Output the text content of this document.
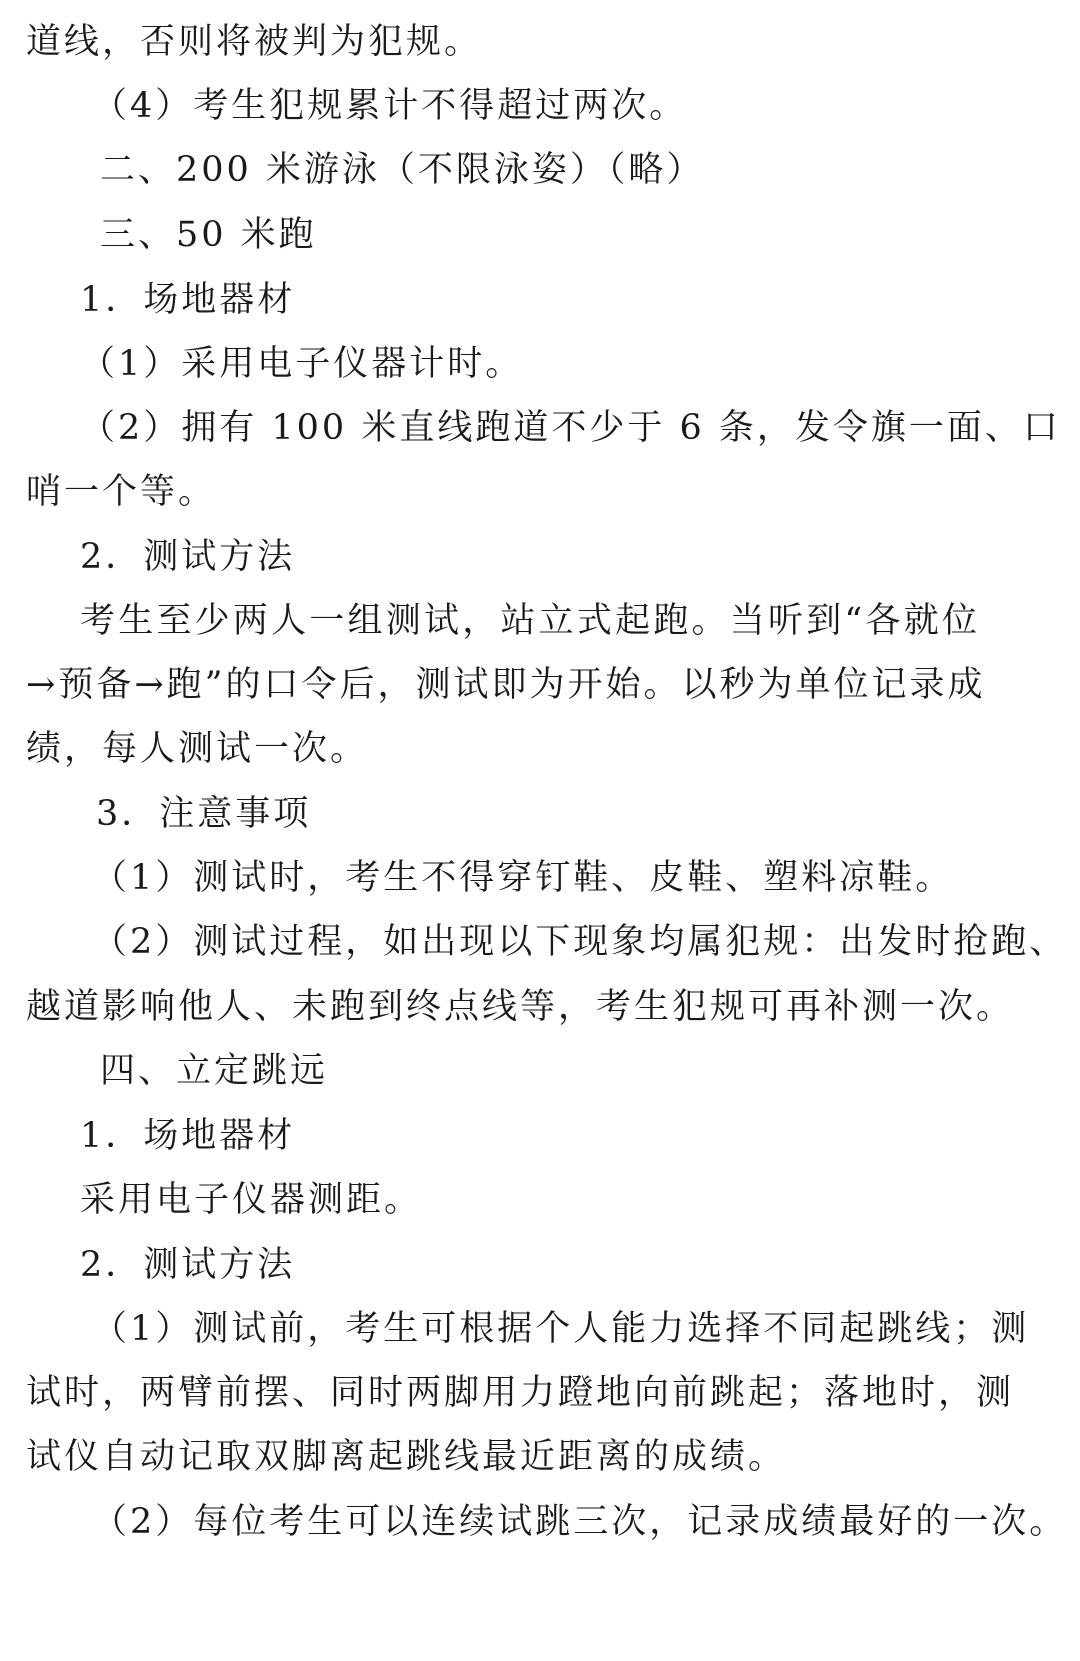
道线，否则将被判为犯规。
（4）考生犯规累计不得超过两次。
二、200 米游泳（不限泳姿）（略）
三、50 米跑
1．场地器材
（1）采用电子仪器计时。
（2）拥有 100 米直线跑道不少于 6 条，发令旗一面、口
哨一个等。
2．测试方法
考生至少两人一组测试，站立式起跑。当听到“各就位
→预备→跑”的口令后，测试即为开始。以秒为单位记录成
绩，每人测试一次。
3．注意事项
（1）测试时，考生不得穿钉鞋、皮鞋、塑料凉鞋。
（2）测试过程，如出现以下现象均属犯规：出发时抢跑、
越道影响他人、未跑到终点线等，考生犯规可再补测一次。
四、立定跳远
1．场地器材
采用电子仪器测距。
2．测试方法
（1）测试前，考生可根据个人能力选择不同起跳线；测
试时，两臂前摆、同时两脚用力蹬地向前跳起；落地时，测
试仪自动记取双脚离起跳线最近距离的成绩。
（2）每位考生可以连续试跳三次，记录成绩最好的一次。
